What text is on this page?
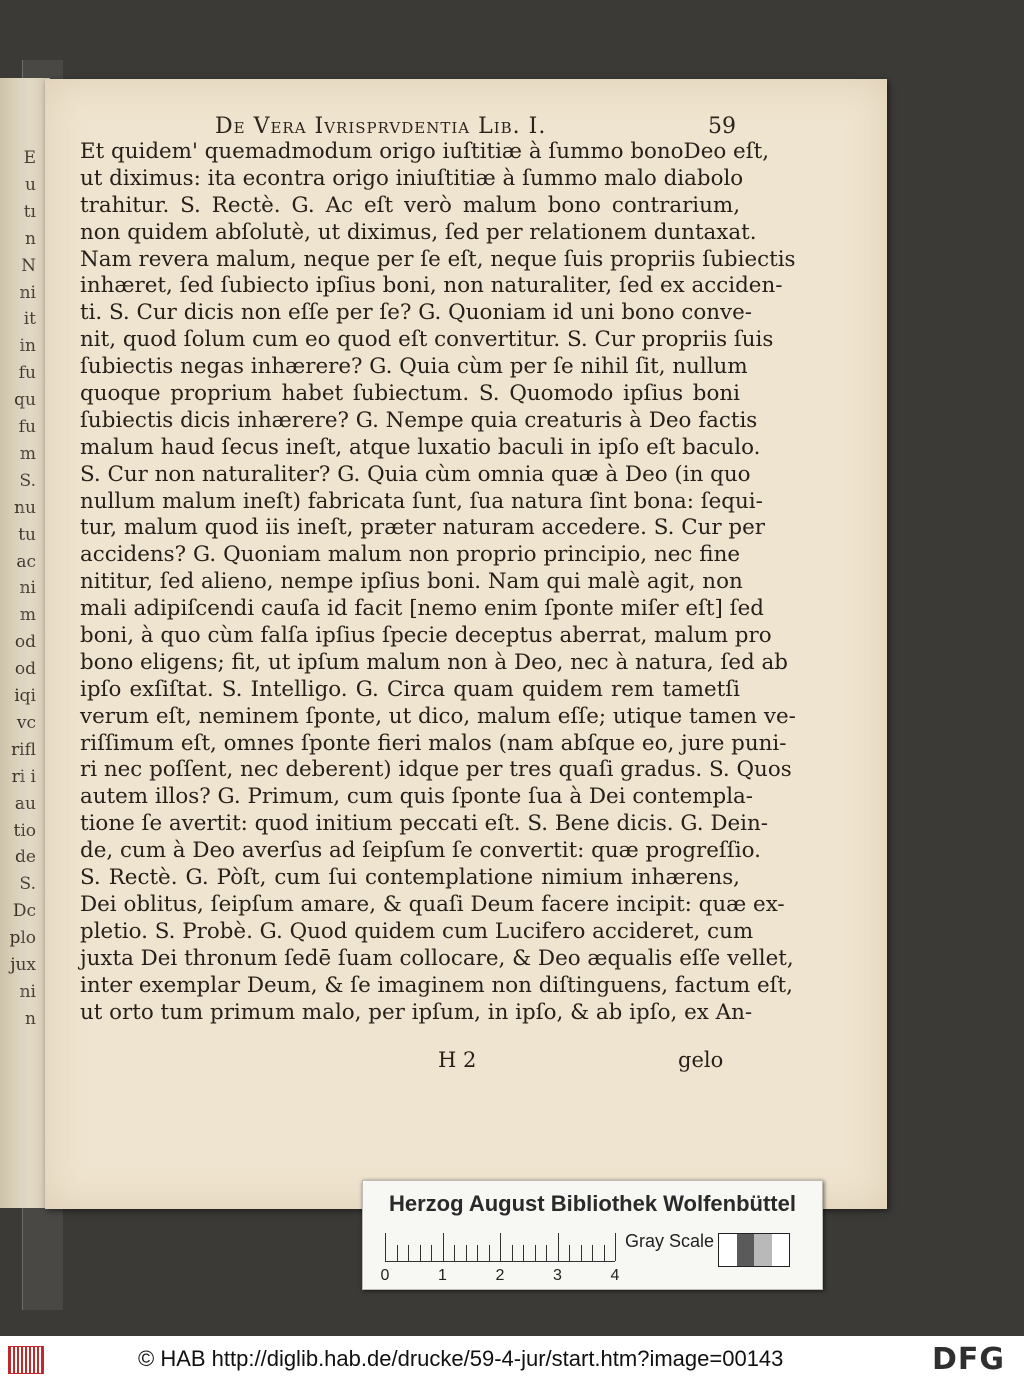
E
u
tı
n
N
ni
it
in
fu
qu
fu
m
S.
nu
tu
ac
ni
m
od
od
iqi
vc
rifl
ri i
au
tio
de
S.
Dc
plo
jux
ni
n
De Vera Ivrisprvdentia Lib. I.	59
Et quidem' quemadmodum origo iuſtitiæ à ſummo bonoDeo eſt,
ut diximus: ita econtra origo iniuſtitiæ à ſummo malo diabolo
trahitur. S. Rectè. G. Ac eſt verò malum bono contrarium,
non quidem abſolutè, ut diximus, ſed per relationem duntaxat.
Nam revera malum, neque per ſe eſt, neque ſuis propriis ſubiectis
inhæret, ſed ſubiecto ipſius boni, non naturaliter, ſed ex acciden-
ti. S. Cur dicis non eſſe per ſe? G. Quoniam id uni bono conve-
nit, quod ſolum cum eo quod eſt convertitur. S. Cur propriis ſuis
ſubiectis negas inhærere? G. Quia cùm per ſe nihil ſit, nullum
quoque proprium habet ſubiectum. S. Quomodo ipſius boni
ſubiectis dicis inhærere? G. Nempe quia creaturis à Deo factis
malum haud ſecus ineſt, atque luxatio baculi in ipſo eſt baculo.
S. Cur non naturaliter? G. Quia cùm omnia quæ à Deo (in quo
nullum malum ineſt) fabricata ſunt, ſua natura ſint bona: ſequi-
tur, malum quod iis ineſt, præter naturam accedere. S. Cur per
accidens? G. Quoniam malum non proprio principio, nec fine
nititur, ſed alieno, nempe ipſius boni. Nam qui malè agit, non
mali adipiſcendi cauſa id facit [nemo enim ſponte miſer eſt] ſed
boni, à quo cùm falſa ipſius ſpecie deceptus aberrat, malum pro
bono eligens; fit, ut ipſum malum non à Deo, nec à natura, ſed ab
ipſo exſiſtat. S. Intelligo. G. Circa quam quidem rem tametſi
verum eſt, neminem ſponte, ut dico, malum eſſe; utique tamen ve-
riſſimum eſt, omnes ſponte fieri malos (nam abſque eo, jure puni-
ri nec poſſent, nec deberent) idque per tres quaſi gradus. S. Quos
autem illos? G. Primum, cum quis ſponte ſua à Dei contempla-
tione ſe avertit: quod initium peccati eſt. S. Bene dicis. G. Dein-
de, cum à Deo averſus ad ſeipſum ſe convertit: quæ progreſſio.
S. Rectè. G. Pòſt, cum ſui contemplatione nimium inhærens,
Dei oblitus, ſeipſum amare, & quaſi Deum facere incipit: quæ ex-
pletio. S. Probè. G. Quod quidem cum Lucifero accideret, cum
juxta Dei thronum ſedē ſuam collocare, & Deo æqualis eſſe vellet,
inter exemplar Deum, & ſe imaginem non diſtinguens, factum eſt,
ut orto tum primum malo, per ipſum, in ipſo, & ab ipſo, ex An-
H 2	gelo
Herzog August Bibliothek Wolfenbüttel
0	1	2	3	4
Gray Scale
© HAB http://diglib.hab.de/drucke/59-4-jur/start.htm?image=00143	DFG
